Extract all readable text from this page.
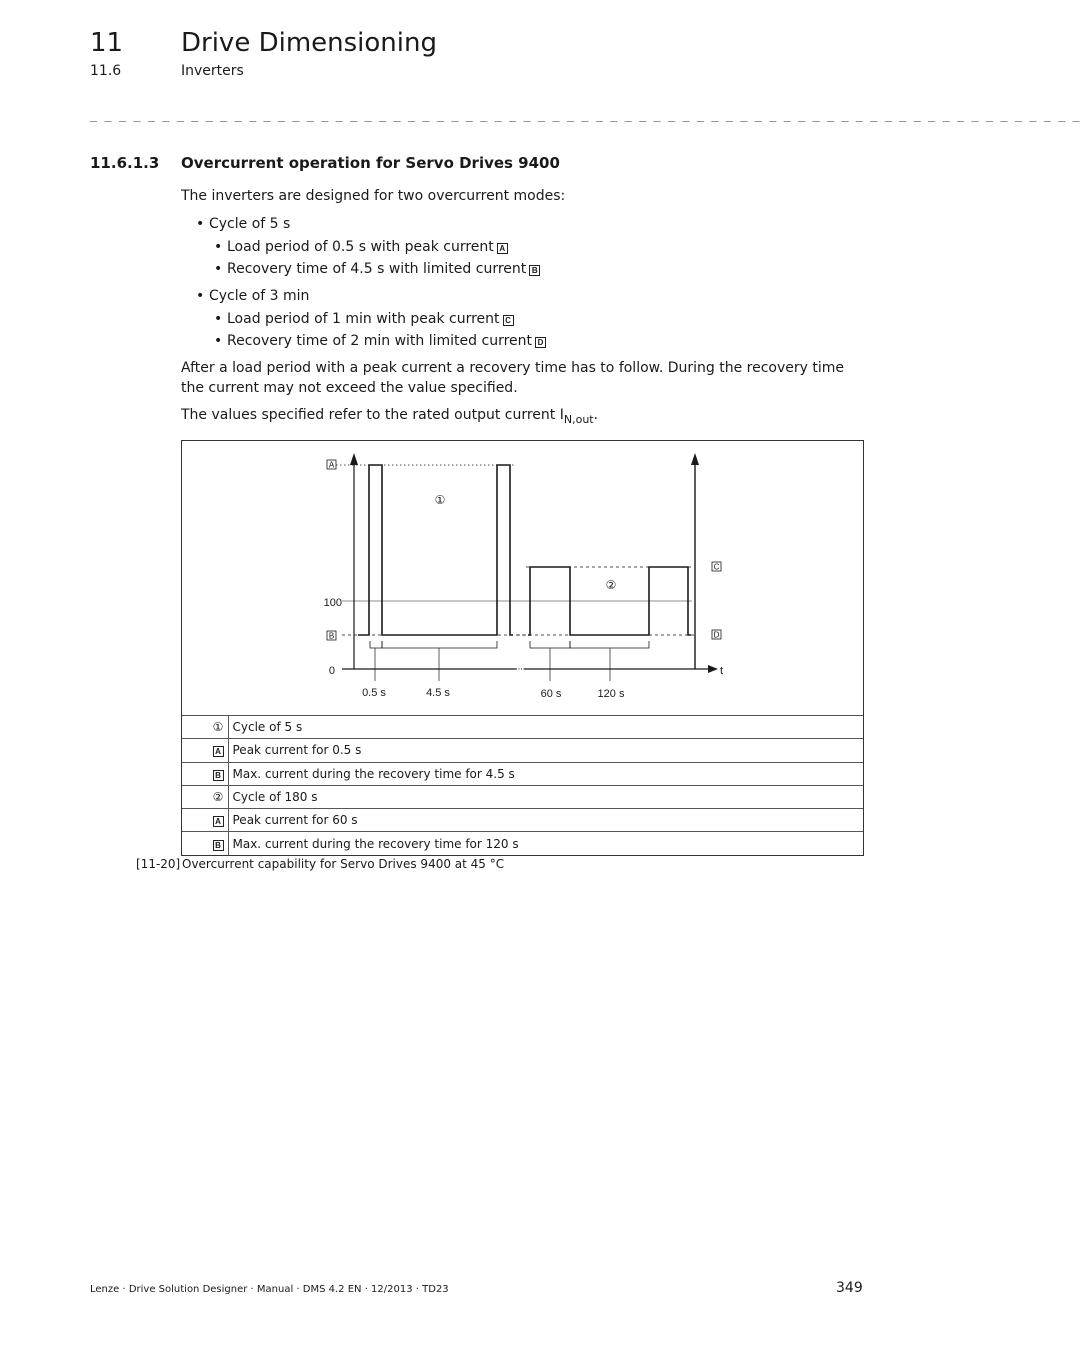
11 Drive Dimensioning
11.6	Inverters
_ _ _ _ _ _ _ _ _ _ _ _ _ _ _ _ _ _ _ _ _ _ _ _ _ _ _ _ _ _ _ _ _ _ _ _ _ _ _ _ _ _ _ _ _ _ _ _ _ _ _ _ _ _ _ _ _ _ _ _ _ _ _ _ _ _ _ _ _
11.6.1.3 Overcurrent operation for Servo Drives 9400
The inverters are designed for two overcurrent modes:
• Cycle of 5 s
• Load period of 0.5 s with peak current A
• Recovery time of 4.5 s with limited current B
• Cycle of 3 min
• Load period of 1 min with peak current C
• Recovery time of 2 min with limited current D
After a load period with a peak current a recovery time has to follow. During the recovery time the current may not exceed the value specified.
The values specified refer to the rated output current $I_{N,out}$.
A
B
C
D
①
②
100
0	t
0.5 s	4.5 s	60 s	120 s
①	Cycle of 5 s
A	Peak current for 0.5 s
B	Max. current during the recovery time for 4.5 s
②	Cycle of 180 s
A	Peak current for 60 s
B	Max. current during the recovery time for 120 s
[11-20] Overcurrent capability for Servo Drives 9400 at 45 °C
Lenze · Drive Solution Designer · Manual · DMS 4.2 EN · 12/2013 · TD23	349
